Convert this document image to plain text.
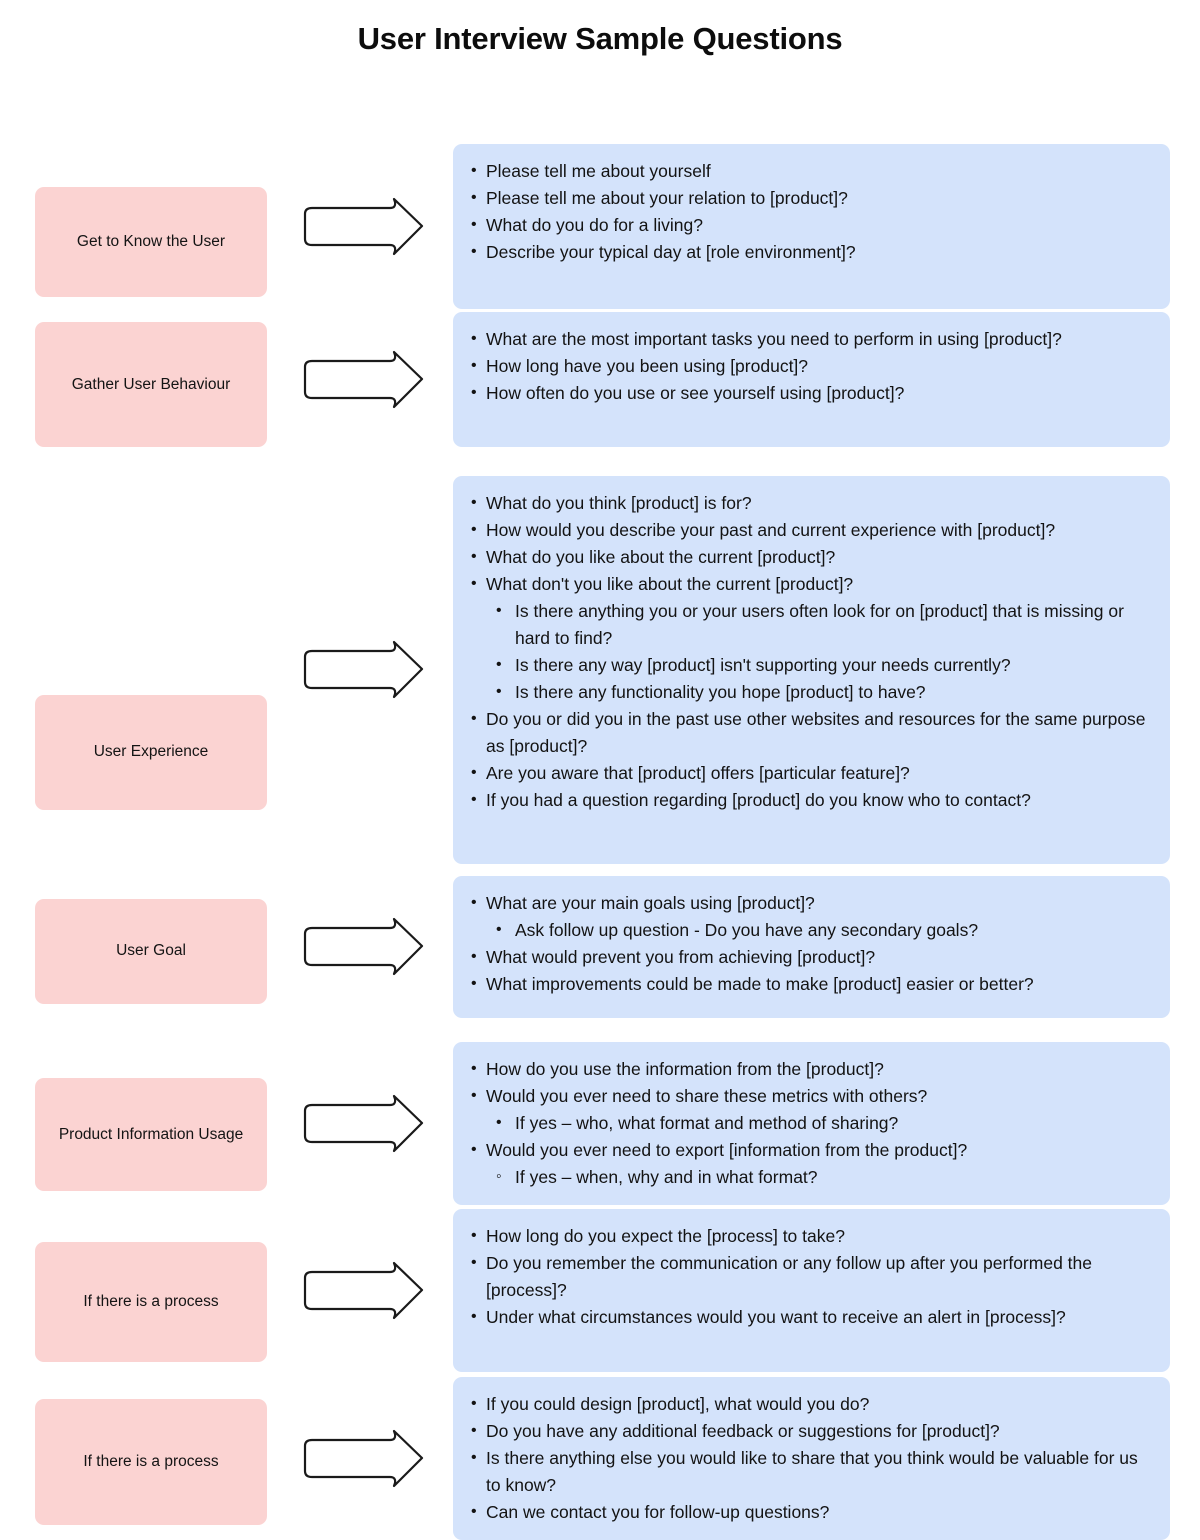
User Interview Sample Questions
Get to Know the User
• Please tell me about yourself
• Please tell me about your relation to [product]?
• What do you do for a living?
• Describe your typical day at [role environment]?
Gather User Behaviour
• What are the most important tasks you need to perform in using [product]?
• How long have you been using [product]?
• How often do you use or see yourself using [product]?
User Experience
• What do you think [product] is for?
• How would you describe your past and current experience with [product]?
• What do you like about the current [product]?
• What don't you like about the current [product]?
• Is there anything you or your users often look for on [product] that is missing or hard to find?
• Is there any way [product] isn't supporting your needs currently?
• Is there any functionality you hope [product] to have?
• Do you or did you in the past use other websites and resources for the same purpose as [product]?
• Are you aware that [product] offers [particular feature]?
• If you had a question regarding [product] do you know who to contact?
User Goal
• What are your main goals using [product]?
• Ask follow up question - Do you have any secondary goals?
• What would prevent you from achieving [product]?
• What improvements could be made to make [product] easier or better?
Product Information Usage
• How do you use the information from the [product]?
• Would you ever need to share these metrics with others?
• If yes – who, what format and method of sharing?
• Would you ever need to export [information from the product]?
◦ If yes – when, why and in what format?
If there is a process
• How long do you expect the [process] to take?
• Do you remember the communication or any follow up after you performed the [process]?
• Under what circumstances would you want to receive an alert in [process]?
If there is a process
• If you could design [product], what would you do?
• Do you have any additional feedback or suggestions for [product]?
• Is there anything else you would like to share that you think would be valuable for us to know?
• Can we contact you for follow-up questions?
